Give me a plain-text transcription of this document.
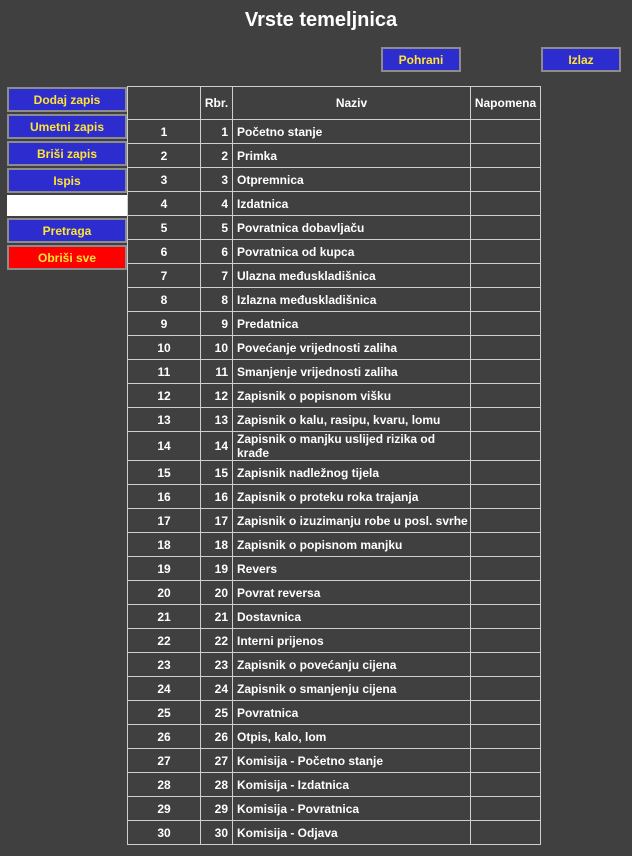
Vrste temeljnica
Pohrani	Izlaz
Dodaj zapis
Umetni zapis
Briši zapis
Ispis
Pretraga
Obriši sve
	Rbr.	Naziv	Napomena
1	1	Početno stanje	
2	2	Primka	
3	3	Otpremnica	
4	4	Izdatnica	
5	5	Povratnica dobavljaču	
6	6	Povratnica od kupca	
7	7	Ulazna međuskladišnica	
8	8	Izlazna međuskladišnica	
9	9	Predatnica	
10	10	Povećanje vrijednosti zaliha	
11	11	Smanjenje vrijednosti zaliha	
12	12	Zapisnik o popisnom višku	
13	13	Zapisnik o kalu, rasipu, kvaru, lomu	
14	14	Zapisnik o manjku uslijed rizika od krađe	
15	15	Zapisnik nadležnog tijela	
16	16	Zapisnik o proteku roka trajanja	
17	17	Zapisnik o izuzimanju robe u posl. svrhe	
18	18	Zapisnik o popisnom manjku	
19	19	Revers	
20	20	Povrat reversa	
21	21	Dostavnica	
22	22	Interni prijenos	
23	23	Zapisnik o povećanju cijena	
24	24	Zapisnik o smanjenju cijena	
25	25	Povratnica	
26	26	Otpis, kalo, lom	
27	27	Komisija - Početno stanje	
28	28	Komisija - Izdatnica	
29	29	Komisija - Povratnica	
30	30	Komisija - Odjava	
